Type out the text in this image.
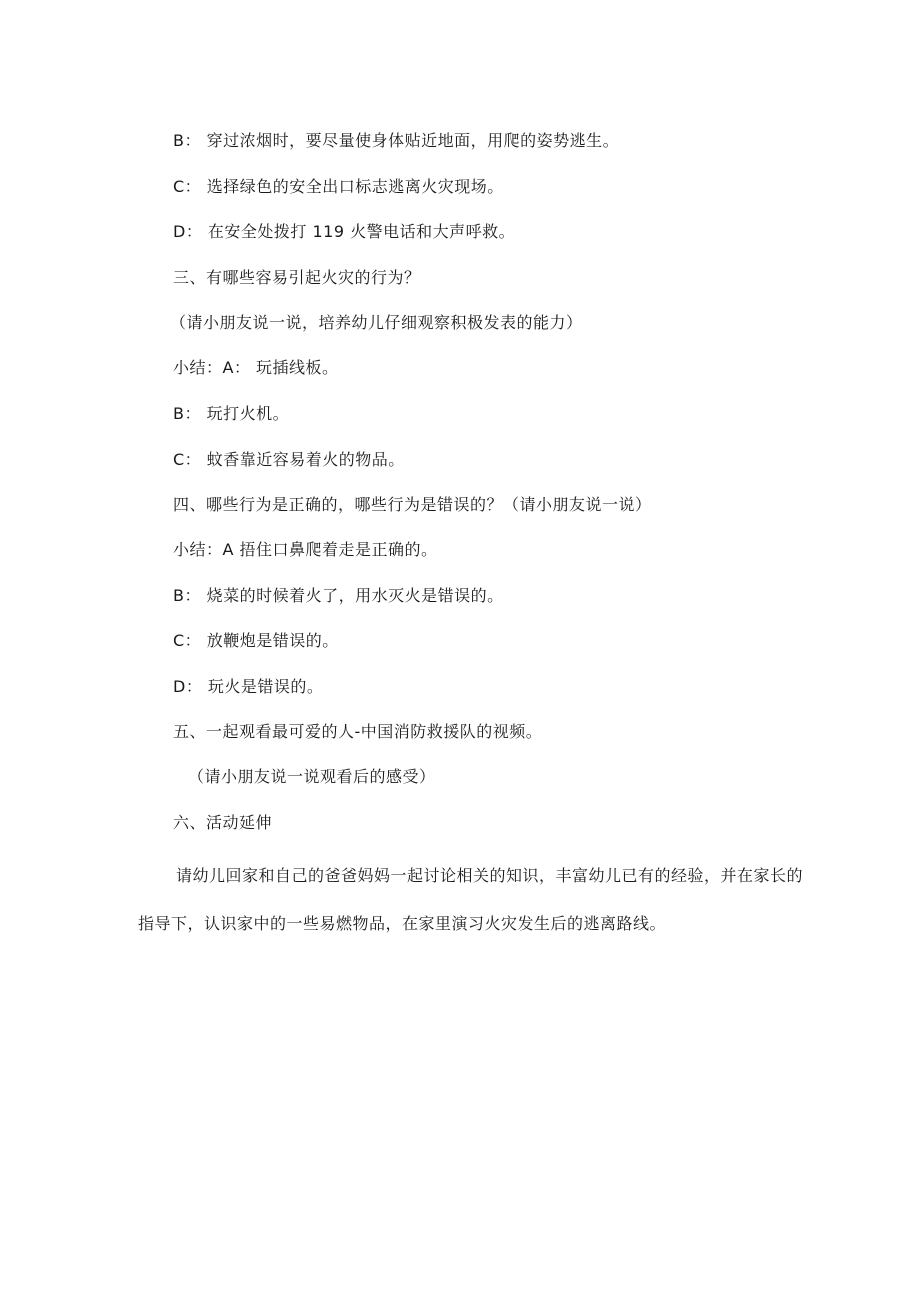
B： 穿过浓烟时，要尽量使身体贴近地面，用爬的姿势逃生。
C： 选择绿色的安全出口标志逃离火灾现场。
D： 在安全处拨打 119 火警电话和大声呼救。
三、有哪些容易引起火灾的行为？
（请小朋友说一说，培养幼儿仔细观察积极发表的能力）
小结：A： 玩插线板。
B： 玩打火机。
C： 蚊香靠近容易着火的物品。
四、哪些行为是正确的，哪些行为是错误的？（请小朋友说一说）
小结：A 捂住口鼻爬着走是正确的。
B： 烧菜的时候着火了，用水灭火是错误的。
C： 放鞭炮是错误的。
D： 玩火是错误的。
五、一起观看最可爱的人-中国消防救援队的视频。
（请小朋友说一说观看后的感受）
六、活动延伸

请幼儿回家和自己的爸爸妈妈一起讨论相关的知识，丰富幼儿已有的经验，并在家长的指导下，认识家中的一些易燃物品，在家里演习火灾发生后的逃离路线。
